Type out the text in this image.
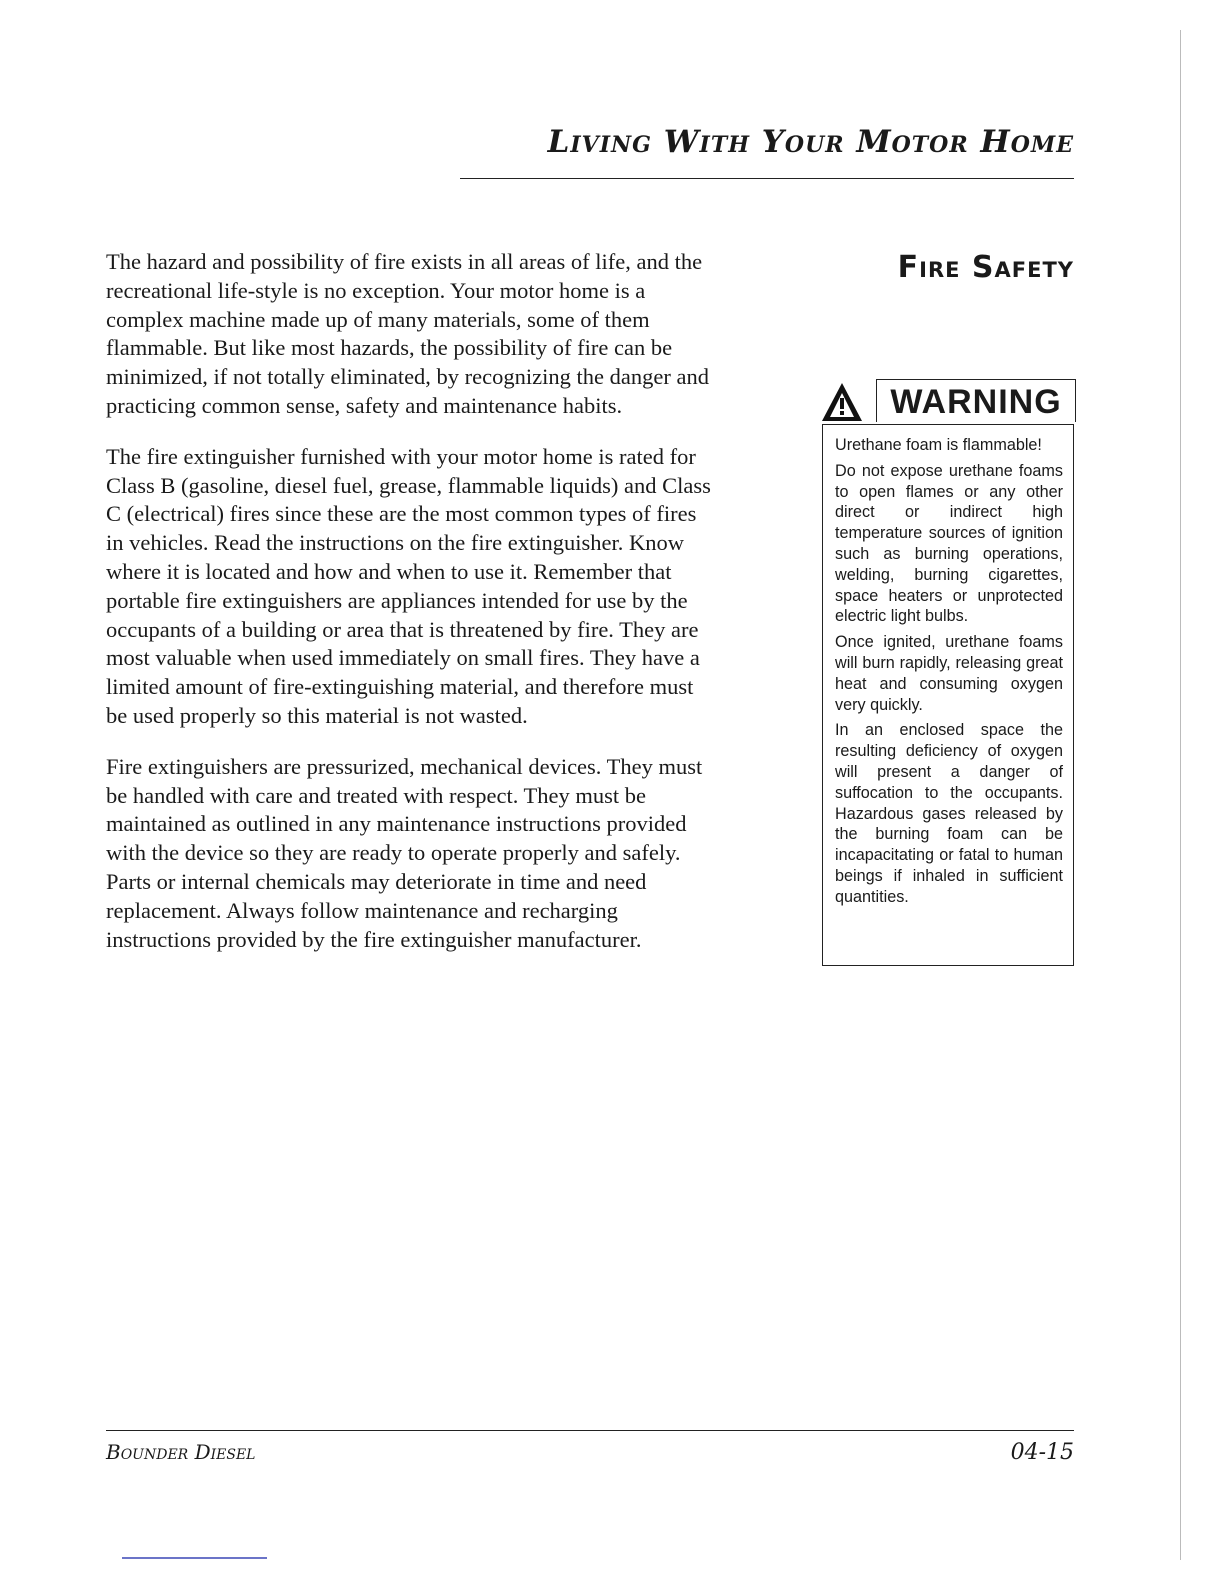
Living With Your Motor Home

The hazard and possibility of fire exists in all areas of life, and the recreational life-style is no exception. Your motor home is a complex machine made up of many materials, some of them flammable. But like most hazards, the possibility of fire can be minimized, if not totally eliminated, by recognizing the danger and practicing common sense, safety and maintenance habits.

The fire extinguisher furnished with your motor home is rated for Class B (gasoline, diesel fuel, grease, flammable liquids) and Class C (electrical) fires since these are the most common types of fires in vehicles. Read the instructions on the fire extinguisher. Know where it is located and how and when to use it. Remember that portable fire extinguishers are appliances intended for use by the occupants of a building or area that is threatened by fire. They are most valuable when used immediately on small fires. They have a limited amount of fire-extinguishing material, and therefore must be used properly so this material is not wasted.

Fire extinguishers are pressurized, mechanical devices. They must be handled with care and treated with respect. They must be maintained as outlined in any maintenance instructions provided with the device so they are ready to operate properly and safely. Parts or internal chemicals may deteriorate in time and need replacement. Always follow maintenance and recharging instructions provided by the fire extinguisher manufacturer.

Fire Safety
WARNING

Urethane foam is flammable!

Do not expose urethane foams to open flames or any other direct or indirect high temperature sources of ignition such as burning operations, welding, burning cigarettes, space heaters or unprotected electric light bulbs.

Once ignited, urethane foams will burn rapidly, releasing great heat and consuming oxygen very quickly.

In an enclosed space the resulting deficiency of oxygen will present a danger of suffocation to the occupants. Hazardous gases released by the burning foam can be incapacitating or fatal to human beings if inhaled in sufficient quantities.

Bounder Diesel	04-15
